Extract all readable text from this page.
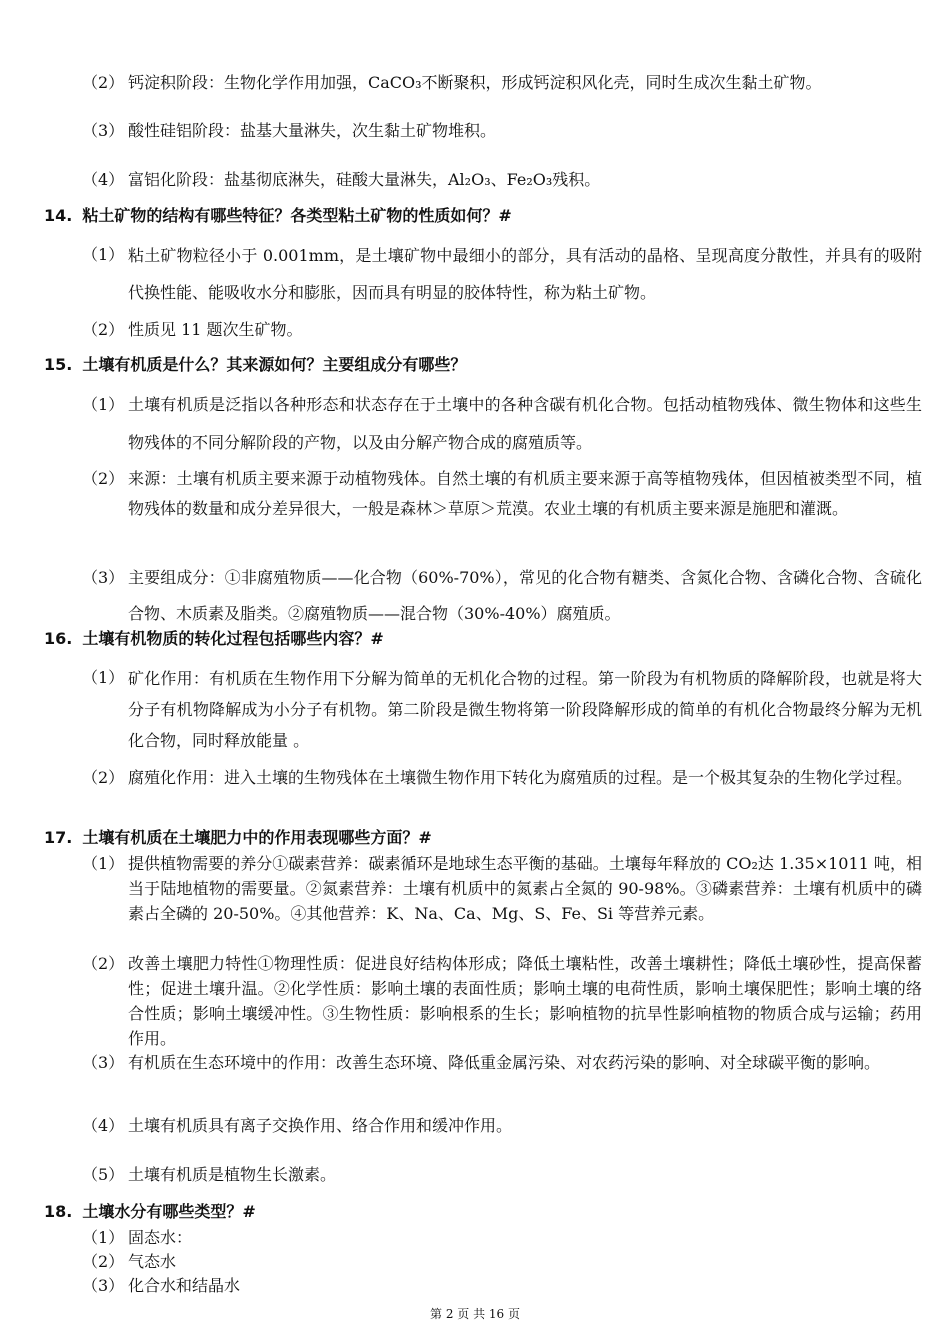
（2） 钙淀积阶段：生物化学作用加强，CaCO₃不断聚积，形成钙淀积风化壳，同时生成次生黏土矿物。
（3） 酸性硅铝阶段：盐基大量淋失，次生黏土矿物堆积。
（4） 富铝化阶段：盐基彻底淋失，硅酸大量淋失，Al₂O₃、Fe₂O₃残积。
14. 粘土矿物的结构有哪些特征？各类型粘土矿物的性质如何？#
（1） 粘土矿物粒径小于 0.001mm，是土壤矿物中最细小的部分，具有活动的晶格、呈现高度分散性，并具有的吸附代换性能、能吸收水分和膨胀，因而具有明显的胶体特性，称为粘土矿物。
（2） 性质见 11 题次生矿物。
15. 土壤有机质是什么？其来源如何？主要组成分有哪些？
（1） 土壤有机质是泛指以各种形态和状态存在于土壤中的各种含碳有机化合物。包括动植物残体、微生物体和这些生物残体的不同分解阶段的产物，以及由分解产物合成的腐殖质等。
（2） 来源：土壤有机质主要来源于动植物残体。自然土壤的有机质主要来源于高等植物残体，但因植被类型不同，植物残体的数量和成分差异很大，一般是森林＞草原＞荒漠。农业土壤的有机质主要来源是施肥和灌溉。
（3） 主要组成分：①非腐殖物质——化合物（60%-70%），常见的化合物有糖类、含氮化合物、含磷化合物、含硫化合物、木质素及脂类。②腐殖物质——混合物（30%-40%）腐殖质。
16. 土壤有机物质的转化过程包括哪些内容？#
（1） 矿化作用：有机质在生物作用下分解为简单的无机化合物的过程。第一阶段为有机物质的降解阶段，也就是将大分子有机物降解成为小分子有机物。第二阶段是微生物将第一阶段降解形成的简单的有机化合物最终分解为无机化合物，同时释放能量 。
（2） 腐殖化作用：进入土壤的生物残体在土壤微生物作用下转化为腐殖质的过程。是一个极其复杂的生物化学过程。
17. 土壤有机质在土壤肥力中的作用表现哪些方面？#
（1） 提供植物需要的养分①碳素营养：碳素循环是地球生态平衡的基础。土壤每年释放的 CO₂达 1.35×1011 吨，相当于陆地植物的需要量。②氮素营养：土壤有机质中的氮素占全氮的 90-98%。③磷素营养：土壤有机质中的磷素占全磷的 20-50%。④其他营养：K、Na、Ca、Mg、S、Fe、Si 等营养元素。
（2） 改善土壤肥力特性①物理性质：促进良好结构体形成；降低土壤粘性，改善土壤耕性；降低土壤砂性，提高保蓄性；促进土壤升温。②化学性质：影响土壤的表面性质；影响土壤的电荷性质，影响土壤保肥性；影响土壤的络合性质；影响土壤缓冲性。③生物性质：影响根系的生长；影响植物的抗旱性影响植物的物质合成与运输；药用作用。
（3） 有机质在生态环境中的作用：改善生态环境、降低重金属污染、对农药污染的影响、对全球碳平衡的影响。
（4） 土壤有机质具有离子交换作用、络合作用和缓冲作用。
（5） 土壤有机质是植物生长激素。
18. 土壤水分有哪些类型？#
（1） 固态水：
（2） 气态水
（3） 化合水和结晶水
第 2 页 共 16 页
